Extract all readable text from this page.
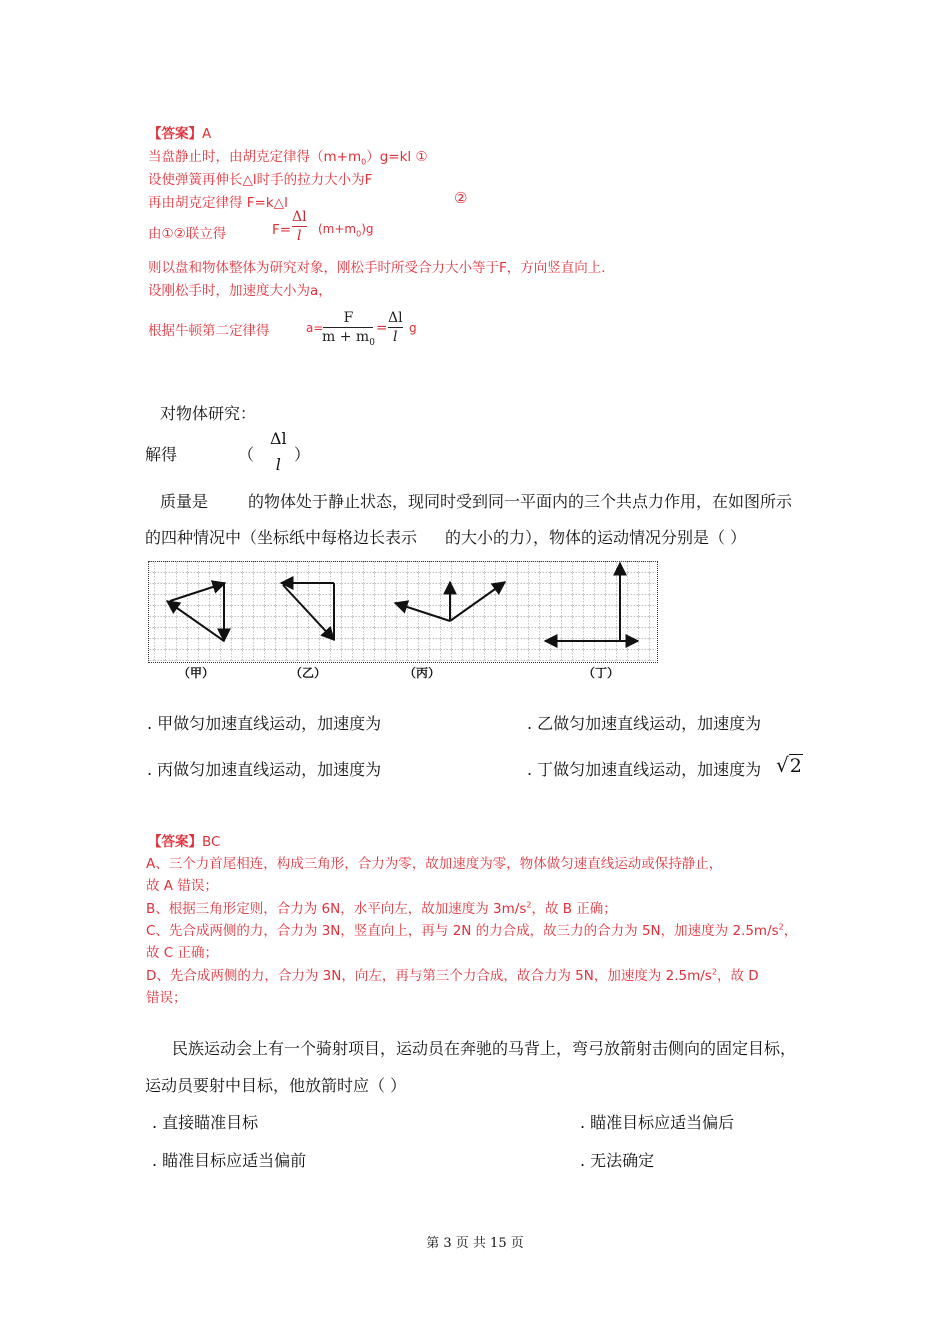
【答案】A
当盘静止时，由胡克定律得$(m+m_0)g=kl$ ①
设使弹簧再伸长△l时手的拉力大小为F
再由胡克定律得 F=k△l	②
由①②联立得	F=
Δl
l $(m+m_0)g$
则以盘和物体整体为研究对象，刚松手时所受合力大小等于F，方向竖直向上.
设刚松手时，加速度大小为a，
根据牛顿第二定律得	a=
F
$m + m_0$
=
Δl
l
g
对物体研究：
解得	（
Δl
l
）
质量是	的物体处于静止状态，现同时受到同一平面内的三个共点力作用，在如图所示
的四种情况中（坐标纸中每格边长表示 的大小的力），物体的运动情况分别是（ ）
（甲）	（乙）	（丙）	（丁）
. 甲做匀加速直线运动，加速度为	. 乙做匀加速直线运动，加速度为
. 丙做匀加速直线运动，加速度为	. 丁做匀加速直线运动，加速度为 √2
【答案】BC
A、三个力首尾相连，构成三角形，合力为零，故加速度为零，物体做匀速直线运动或保持静止，
故 A 错误；
B、根据三角形定则，合力为 6N，水平向左，故加速度为 $3m/s^2$，故 B 正确；
C、先合成两侧的力，合力为 3N，竖直向上，再与 2N 的力合成，故三力的合力为 5N，加速度为 $2.5m/s^2$，
故 C 正确；
D、先合成两侧的力，合力为 3N，向左，再与第三个力合成，故合力为 5N，加速度为 $2.5m/s^2$，故 D
错误；
民族运动会上有一个骑射项目，运动员在奔驰的马背上，弯弓放箭射击侧向的固定目标，
运动员要射中目标，他放箭时应（ ）
. 直接瞄准目标	. 瞄准目标应适当偏后
. 瞄准目标应适当偏前	. 无法确定
第 3 页 共 15 页
